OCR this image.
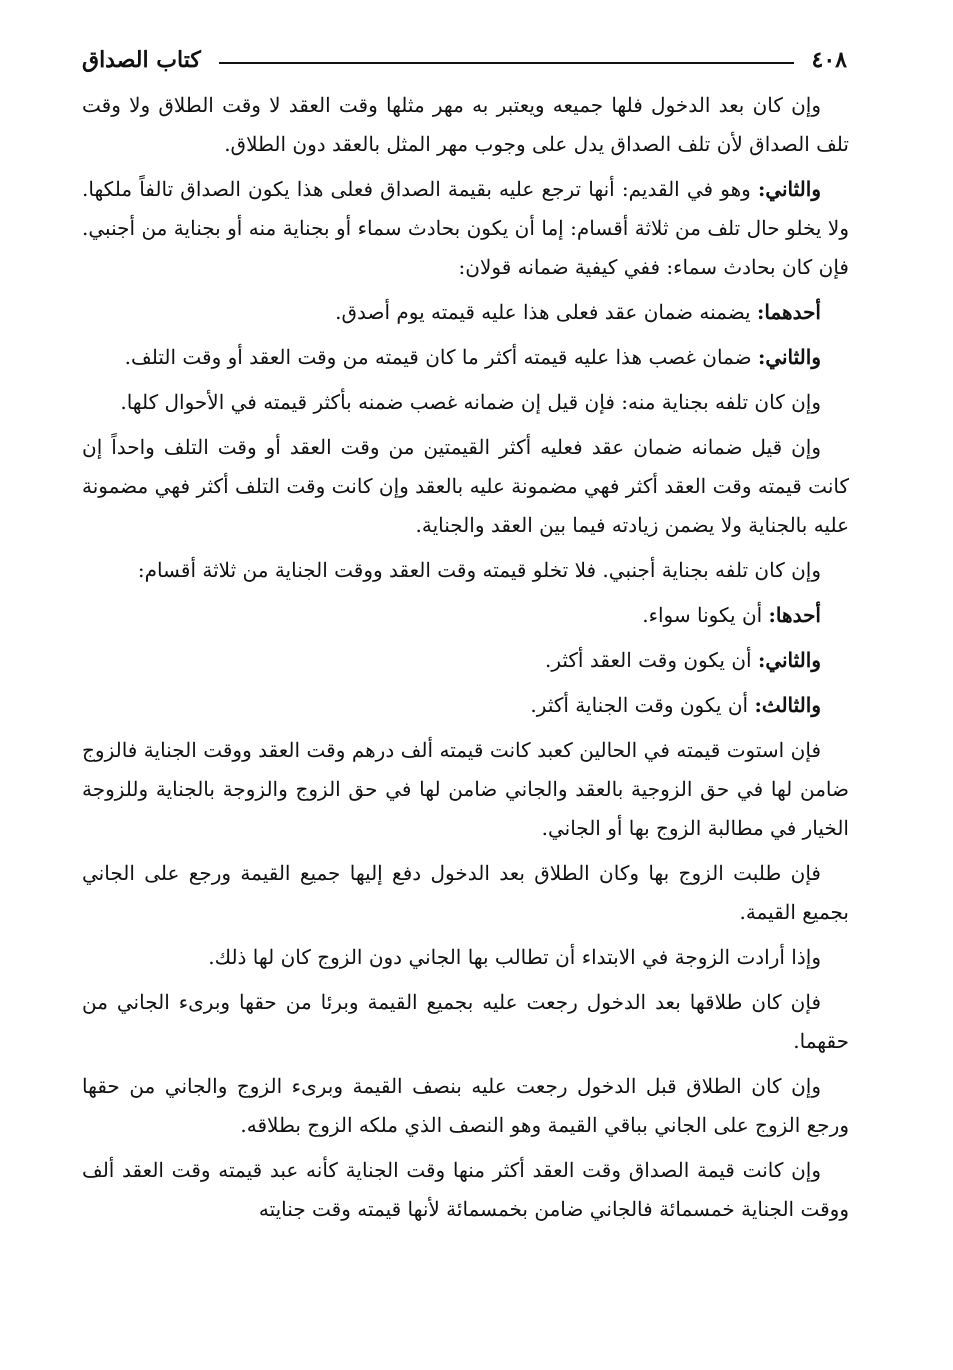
٤٠٨
كتاب الصداق

وإن كان بعد الدخول فلها جميعه ويعتبر به مهر مثلها وقت العقد لا وقت الطلاق ولا وقت تلف الصداق لأن تلف الصداق يدل على وجوب مهر المثل بالعقد دون الطلاق.

والثاني: وهو في القديم: أنها ترجع عليه بقيمة الصداق فعلى هذا يكون الصداق تالفاً ملكها. ولا يخلو حال تلف من ثلاثة أقسام: إما أن يكون بحادث سماء أو بجناية منه أو بجناية من أجنبي. فإن كان بحادث سماء: ففي كيفية ضمانه قولان:

أحدهما: يضمنه ضمان عقد فعلى هذا عليه قيمته يوم أصدق.

والثاني: ضمان غصب هذا عليه قيمته أكثر ما كان قيمته من وقت العقد أو وقت التلف.

وإن كان تلفه بجناية منه: فإن قيل إن ضمانه غصب ضمنه بأكثر قيمته في الأحوال كلها.

وإن قيل ضمانه ضمان عقد فعليه أكثر القيمتين من وقت العقد أو وقت التلف واحداً إن كانت قيمته وقت العقد أكثر فهي مضمونة عليه بالعقد وإن كانت وقت التلف أكثر فهي مضمونة عليه بالجناية ولا يضمن زيادته فيما بين العقد والجناية.

وإن كان تلفه بجناية أجنبي. فلا تخلو قيمته وقت العقد ووقت الجناية من ثلاثة أقسام:

أحدها: أن يكونا سواء.

والثاني: أن يكون وقت العقد أكثر.

والثالث: أن يكون وقت الجناية أكثر.

فإن استوت قيمته في الحالين كعبد كانت قيمته ألف درهم وقت العقد ووقت الجناية فالزوج ضامن لها في حق الزوجية بالعقد والجاني ضامن لها في حق الزوج والزوجة بالجناية وللزوجة الخيار في مطالبة الزوج بها أو الجاني.

فإن طلبت الزوج بها وكان الطلاق بعد الدخول دفع إليها جميع القيمة ورجع على الجاني بجميع القيمة.

وإذا أرادت الزوجة في الابتداء أن تطالب بها الجاني دون الزوج كان لها ذلك.

فإن كان طلاقها بعد الدخول رجعت عليه بجميع القيمة وبرئا من حقها وبرىء الجاني من حقهما.

وإن كان الطلاق قبل الدخول رجعت عليه بنصف القيمة وبرىء الزوج والجاني من حقها ورجع الزوج على الجاني بباقي القيمة وهو النصف الذي ملكه الزوج بطلاقه.

وإن كانت قيمة الصداق وقت العقد أكثر منها وقت الجناية كأنه عبد قيمته وقت العقد ألف ووقت الجناية خمسمائة فالجاني ضامن بخمسمائة لأنها قيمته وقت جنايته
